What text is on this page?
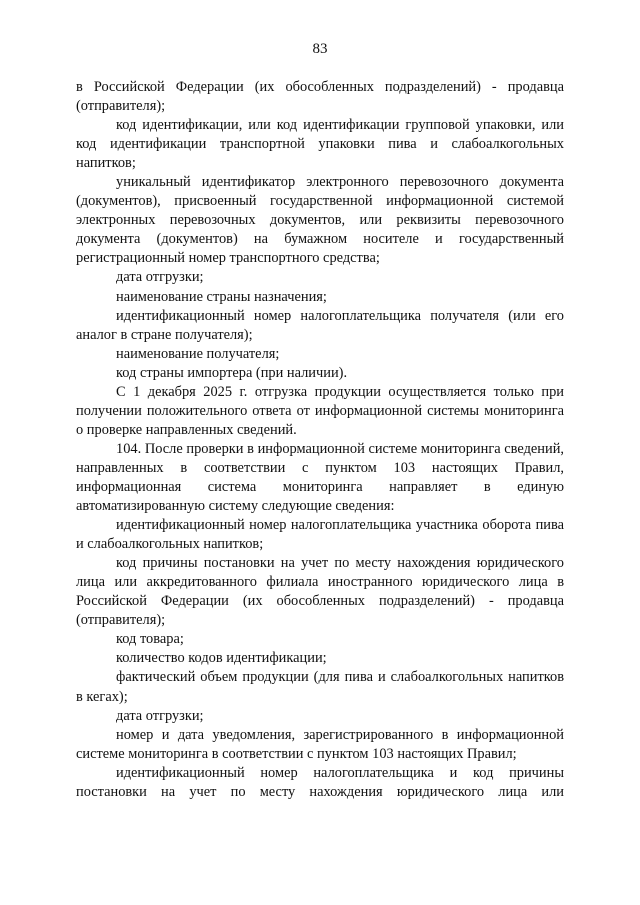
83

в Российской Федерации (их обособленных подразделений) - продавца (отправителя);

код идентификации, или код идентификации групповой упаковки, или код идентификации транспортной упаковки пива и слабоалкогольных напитков;

уникальный идентификатор электронного перевозочного документа (документов), присвоенный государственной информационной системой электронных перевозочных документов, или реквизиты перевозочного документа (документов) на бумажном носителе и государственный регистрационный номер транспортного средства;

дата отгрузки;

наименование страны назначения;

идентификационный номер налогоплательщика получателя (или его аналог в стране получателя);

наименование получателя;

код страны импортера (при наличии).

С 1 декабря 2025 г. отгрузка продукции осуществляется только при получении положительного ответа от информационной системы мониторинга о проверке направленных сведений.

104. После проверки в информационной системе мониторинга сведений, направленных в соответствии с пунктом 103 настоящих Правил, информационная система мониторинга направляет в единую автоматизированную систему следующие сведения:

идентификационный номер налогоплательщика участника оборота пива и слабоалкогольных напитков;

код причины постановки на учет по месту нахождения юридического лица или аккредитованного филиала иностранного юридического лица в Российской Федерации (их обособленных подразделений) - продавца (отправителя);

код товара;

количество кодов идентификации;

фактический объем продукции (для пива и слабоалкогольных напитков в кегах);

дата отгрузки;

номер и дата уведомления, зарегистрированного в информационной системе мониторинга в соответствии с пунктом 103 настоящих Правил;

идентификационный номер налогоплательщика и код причины постановки на учет по месту нахождения юридического лица или
